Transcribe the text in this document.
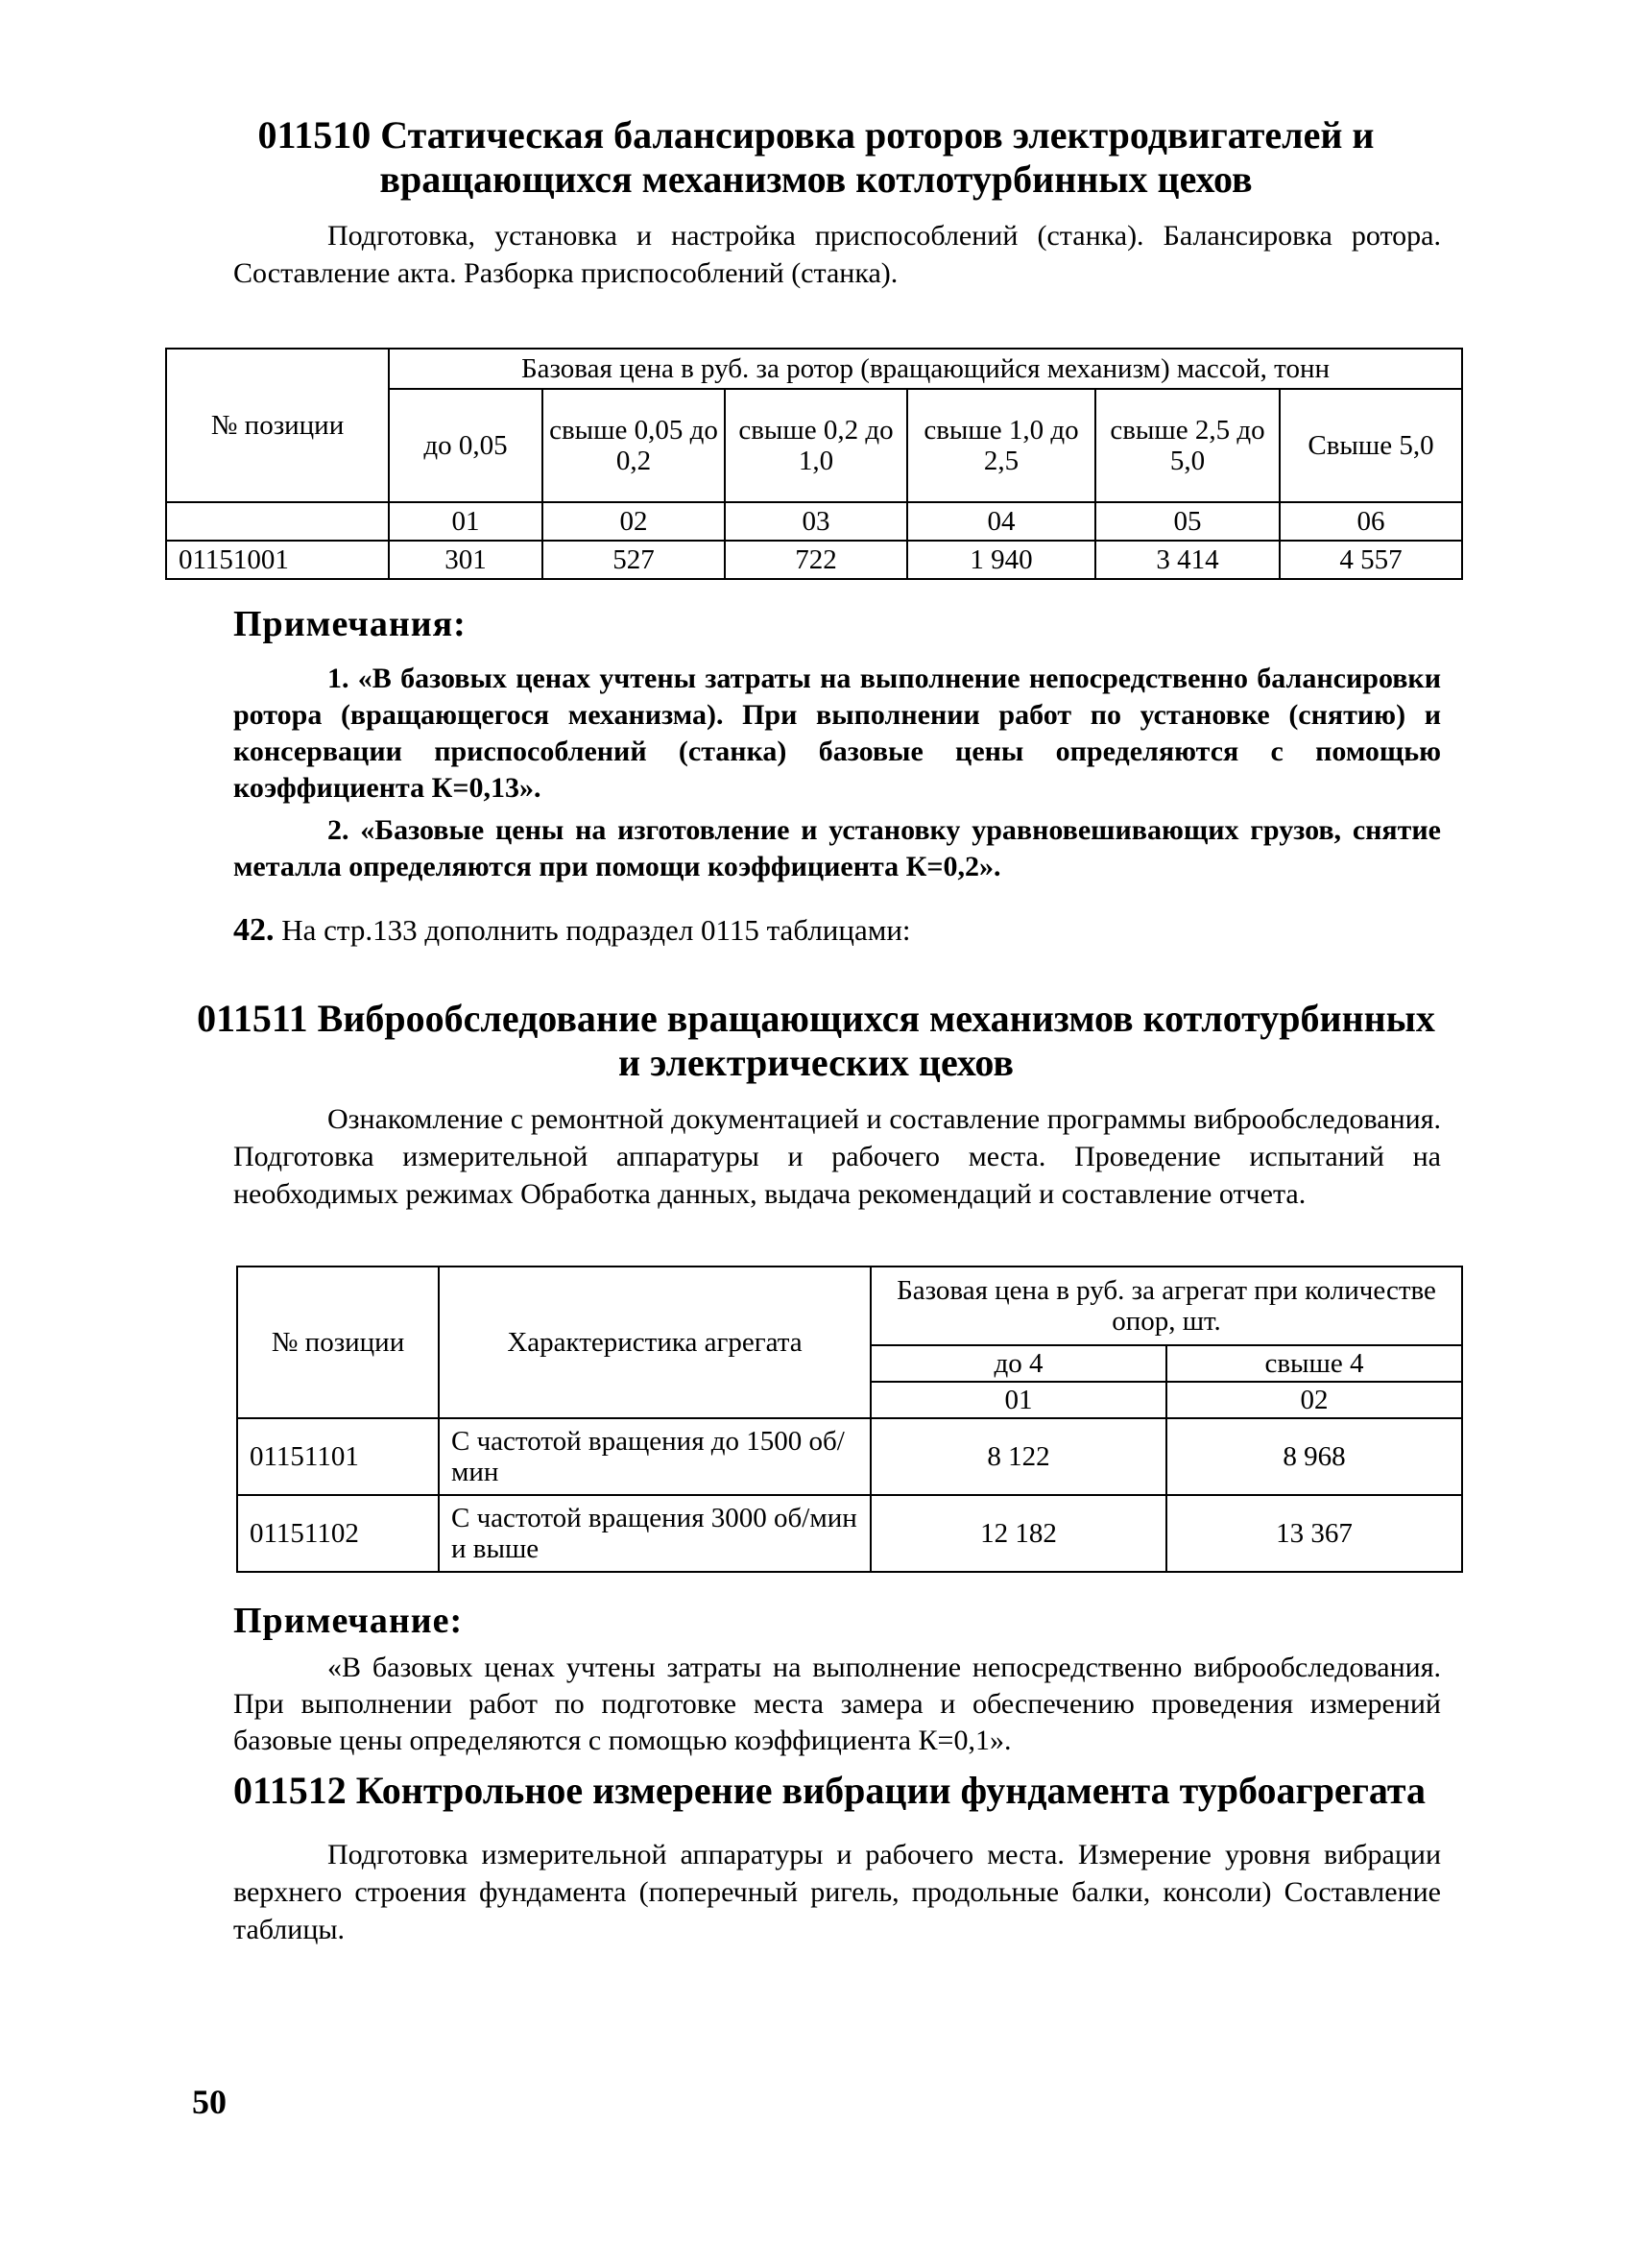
011510 Статическая балансировка роторов электродвигателей и вращающихся механизмов котлотурбинных цехов

Подготовка, установка и настройка приспособлений (станка). Балансировка ротора. Составление акта. Разборка приспособлений (станка).

№ позиции	Базовая цена в руб. за ротор (вращающийся механизм) массой, тонн					
	до 0,05	свыше 0,05 до 0,2	свыше 0,2 до 1,0	свыше 1,0 до 2,5	свыше 2,5 до 5,0	Свыше 5,0
	01	02	03	04	05	06
01151001	301	527	722	1 940	3 414	4 557

Примечания:

1. «В базовых ценах учтены затраты на выполнение непосредственно балансировки ротора (вращающегося механизма). При выполнении работ по установке (снятию) и консервации приспособлений (станка) базовые цены определяются с помощью коэффициента К=0,13».

2. «Базовые цены на изготовление и установку уравновешивающих грузов, снятие металла определяются при помощи коэффициента К=0,2».

42. На стр.133 дополнить подраздел 0115 таблицами:

011511 Виброобследование вращающихся механизмов котлотурбинных
и электрических цехов

Ознакомление с ремонтной документацией и составление программы виброобследования. Подготовка измерительной аппаратуры и рабочего места. Проведение испытаний на необходимых режимах Обработка данных, выдача рекомендаций и составление отчета.

№ позиции	Характеристика агрегата	Базовая цена в руб. за агрегат при количестве опор, шт.	
		до 4	свыше 4
		01	02
01151101	С частотой вращения до 1500 об/мин	8 122	8 968
01151102	С частотой вращения 3000 об/мин и выше	12 182	13 367

Примечание:

«В базовых ценах учтены затраты на выполнение непосредственно виброобследования. При выполнении работ по подготовке места замера и обеспечению проведения измерений базовые цены определяются с помощью коэффициента К=0,1».

011512 Контрольное измерение вибрации фундамента турбоагрегата

Подготовка измерительной аппаратуры и рабочего места. Измерение уровня вибрации верхнего строения фундамента (поперечный ригель, продольные балки, консоли) Составление таблицы.

50
